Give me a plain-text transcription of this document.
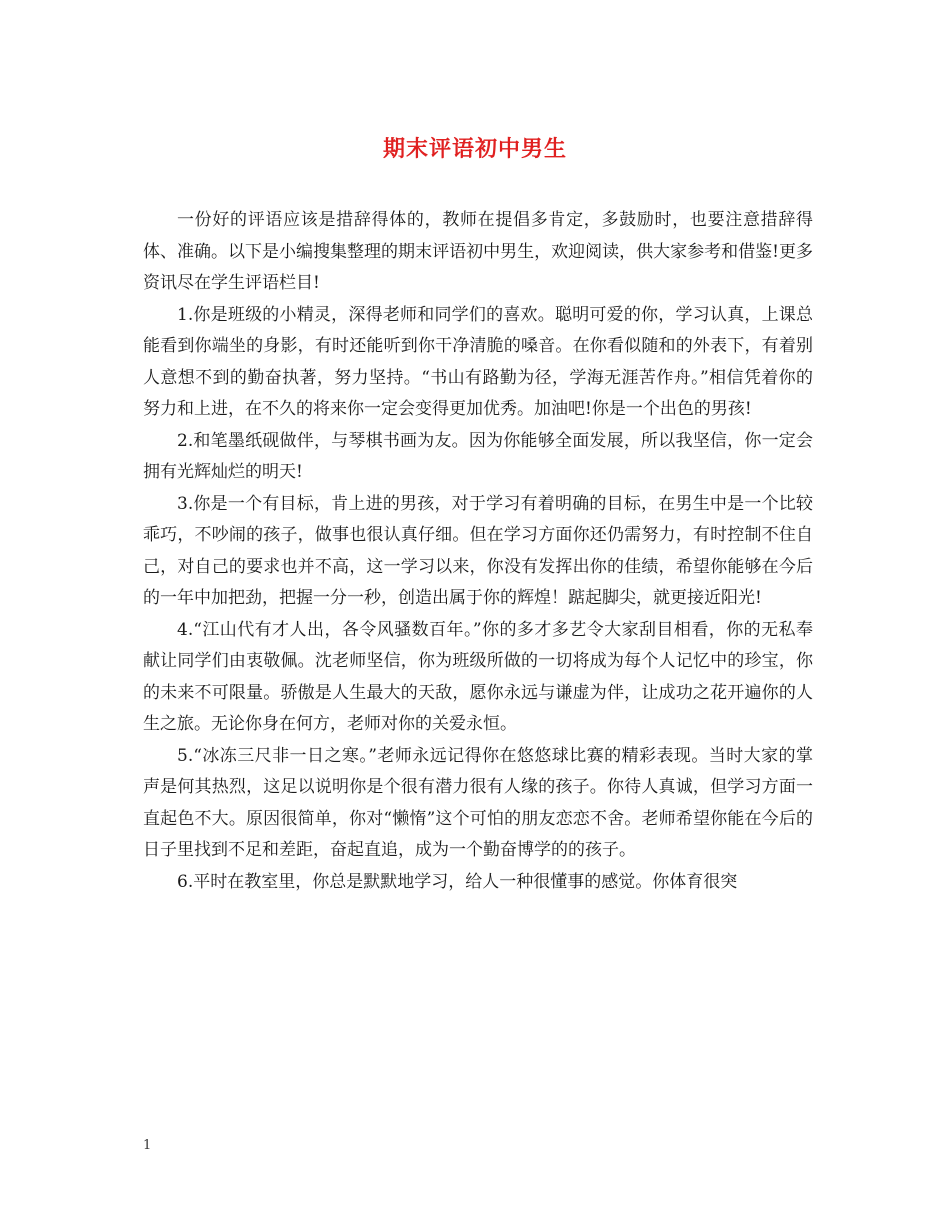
期末评语初中男生

一份好的评语应该是措辞得体的，教师在提倡多肯定，多鼓励时，也要注意措辞得体、准确。以下是小编搜集整理的期末评语初中男生，欢迎阅读，供大家参考和借鉴!更多资讯尽在学生评语栏目!

1.你是班级的小精灵，深得老师和同学们的喜欢。聪明可爱的你，学习认真，上课总能看到你端坐的身影，有时还能听到你干净清脆的嗓音。在你看似随和的外表下，有着别人意想不到的勤奋执著，努力坚持。“书山有路勤为径，学海无涯苦作舟。”相信凭着你的努力和上进，在不久的将来你一定会变得更加优秀。加油吧!你是一个出色的男孩!

2.和笔墨纸砚做伴，与琴棋书画为友。因为你能够全面发展，所以我坚信，你一定会拥有光辉灿烂的明天!

3.你是一个有目标，肯上进的男孩，对于学习有着明确的目标，在男生中是一个比较乖巧，不吵闹的孩子，做事也很认真仔细。但在学习方面你还仍需努力，有时控制不住自己，对自己的要求也并不高，这一学习以来，你没有发挥出你的佳绩，希望你能够在今后的一年中加把劲，把握一分一秒，创造出属于你的辉煌！踮起脚尖，就更接近阳光!

4.“江山代有才人出，各令风骚数百年。”你的多才多艺令大家刮目相看，你的无私奉献让同学们由衷敬佩。沈老师坚信，你为班级所做的一切将成为每个人记忆中的珍宝，你的未来不可限量。骄傲是人生最大的天敌，愿你永远与谦虚为伴，让成功之花开遍你的人生之旅。无论你身在何方，老师对你的关爱永恒。

5.“冰冻三尺非一日之寒。”老师永远记得你在悠悠球比赛的精彩表现。当时大家的掌声是何其热烈，这足以说明你是个很有潜力很有人缘的孩子。你待人真诚，但学习方面一直起色不大。原因很简单，你对“懒惰”这个可怕的朋友恋恋不舍。老师希望你能在今后的日子里找到不足和差距，奋起直追，成为一个勤奋博学的的孩子。

6.平时在教室里，你总是默默地学习，给人一种很懂事的感觉。你体育很突

1
